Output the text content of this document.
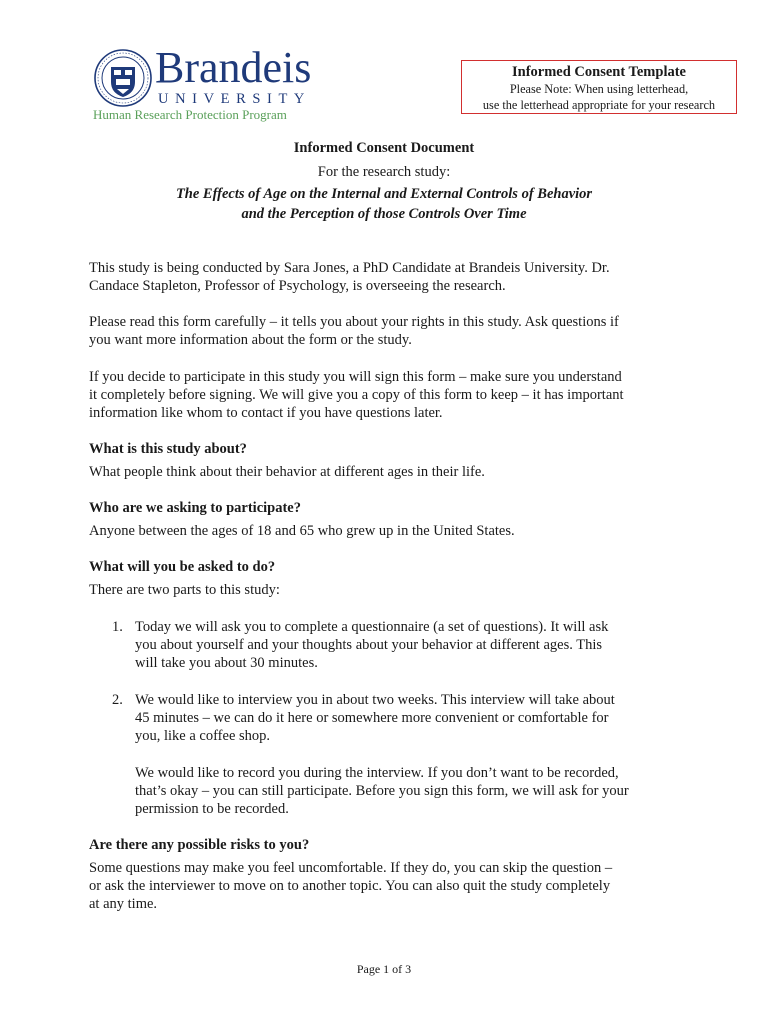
Brandeis
UNIVERSITY
Human Research Protection Program
Informed Consent Template
Please Note: When using letterhead,
use the letterhead appropriate for your research
Informed Consent Document
For the research study:
The Effects of Age on the Internal and External Controls of Behavior
and the Perception of those Controls Over Time
This study is being conducted by Sara Jones, a PhD Candidate at Brandeis University. Dr.
Candace Stapleton, Professor of Psychology, is overseeing the research.
Please read this form carefully – it tells you about your rights in this study. Ask questions if
you want more information about the form or the study.
If you decide to participate in this study you will sign this form – make sure you understand
it completely before signing. We will give you a copy of this form to keep – it has important
information like whom to contact if you have questions later.
What is this study about?
What people think about their behavior at different ages in their life.
Who are we asking to participate?
Anyone between the ages of 18 and 65 who grew up in the United States.
What will you be asked to do?
There are two parts to this study:
1. Today we will ask you to complete a questionnaire (a set of questions). It will ask
you about yourself and your thoughts about your behavior at different ages. This
will take you about 30 minutes.
2. We would like to interview you in about two weeks. This interview will take about
45 minutes – we can do it here or somewhere more convenient or comfortable for
you, like a coffee shop.
We would like to record you during the interview. If you don’t want to be recorded,
that’s okay – you can still participate. Before you sign this form, we will ask for your
permission to be recorded.
Are there any possible risks to you?
Some questions may make you feel uncomfortable. If they do, you can skip the question –
or ask the interviewer to move on to another topic. You can also quit the study completely
at any time.
Page 1 of 3
